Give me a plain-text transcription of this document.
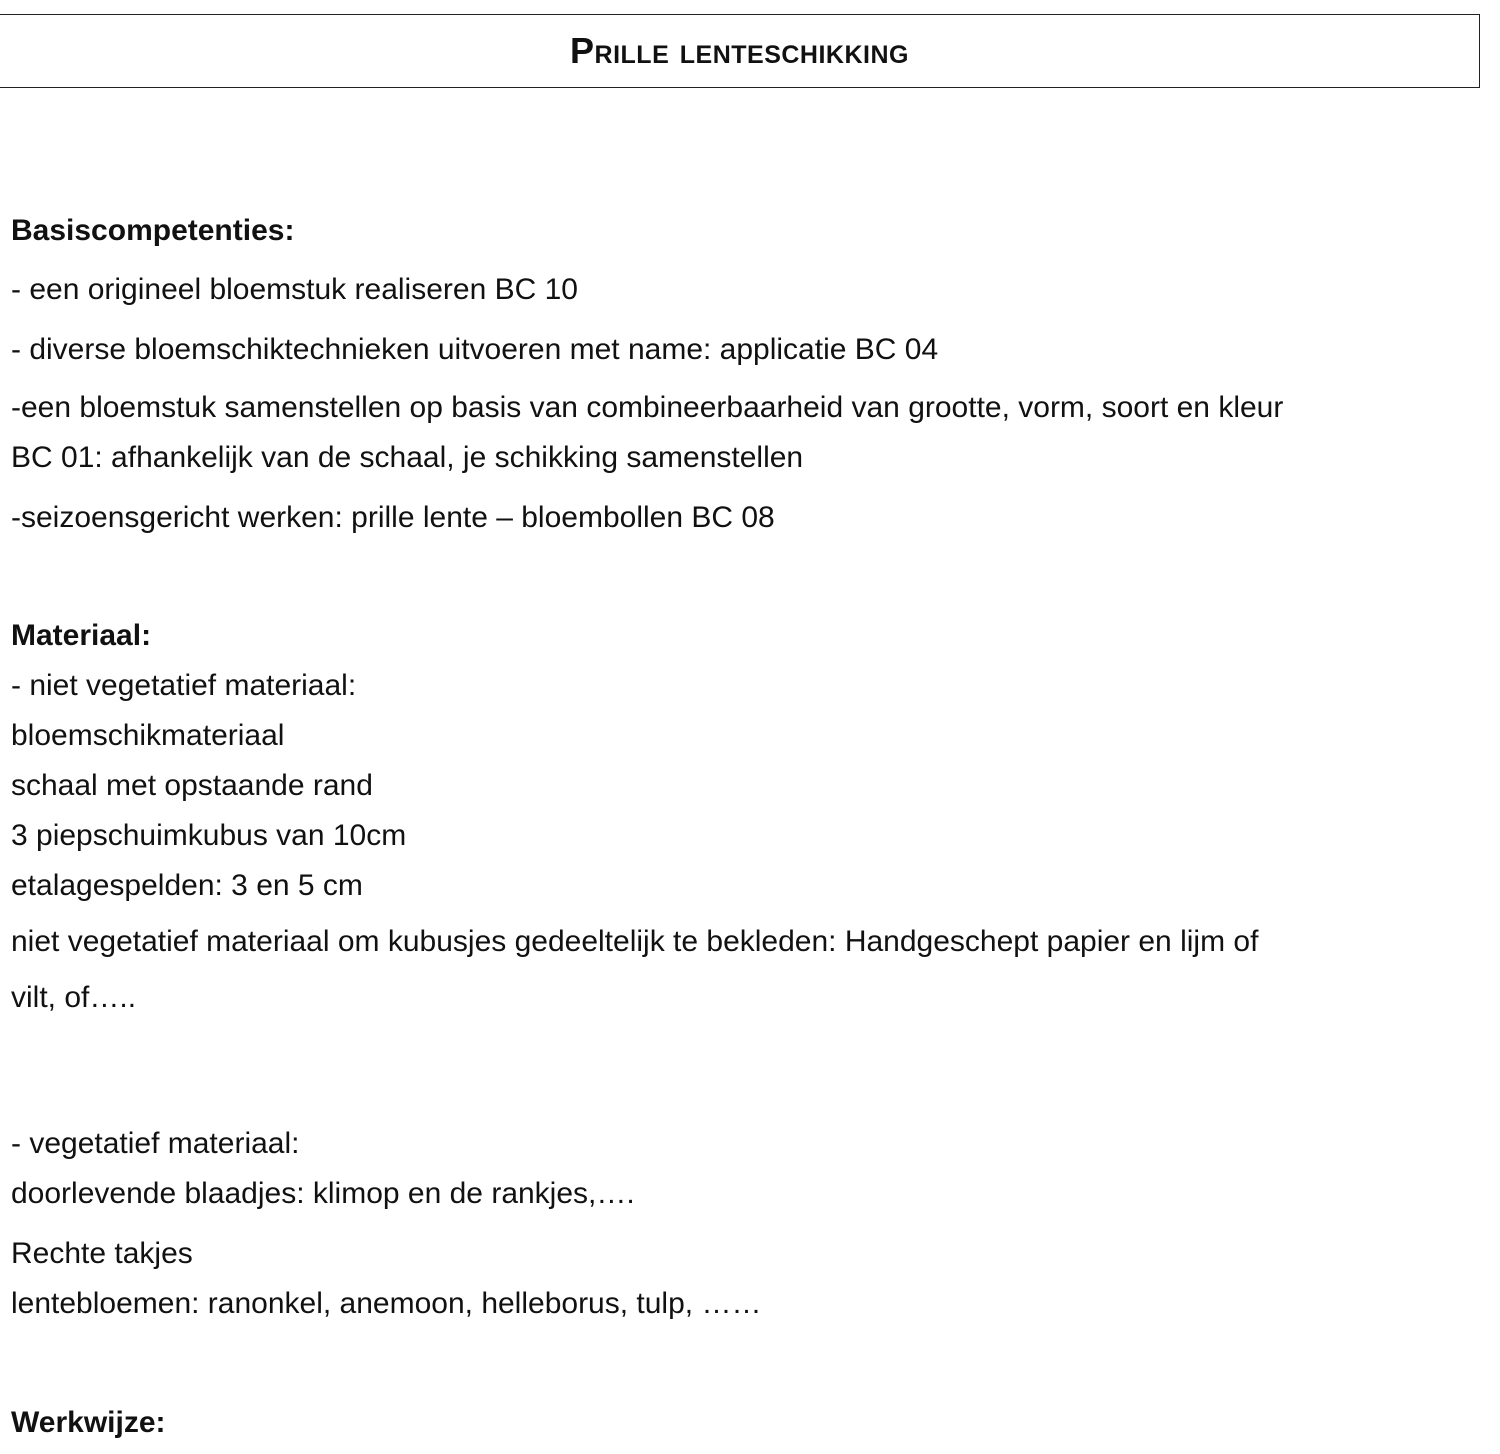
Prille lenteschikking
Basiscompetenties:
- een origineel bloemstuk realiseren BC 10
- diverse bloemschiktechnieken uitvoeren met name: applicatie BC 04
-een bloemstuk samenstellen op basis van combineerbaarheid van grootte, vorm, soort en kleur
BC 01: afhankelijk van de schaal, je schikking samenstellen
-seizoensgericht werken: prille lente – bloembollen BC 08
Materiaal:
- niet vegetatief materiaal:
bloemschikmateriaal
schaal met opstaande rand
3 piepschuimkubus van 10cm
etalagespelden: 3 en 5 cm
niet vegetatief materiaal om kubusjes gedeeltelijk te bekleden: Handgeschept papier en lijm of
vilt, of…..
- vegetatief materiaal:
doorlevende blaadjes: klimop en de rankjes,….
Rechte takjes
lentebloemen: ranonkel, anemoon, helleborus, tulp, ……
Werkwijze:
